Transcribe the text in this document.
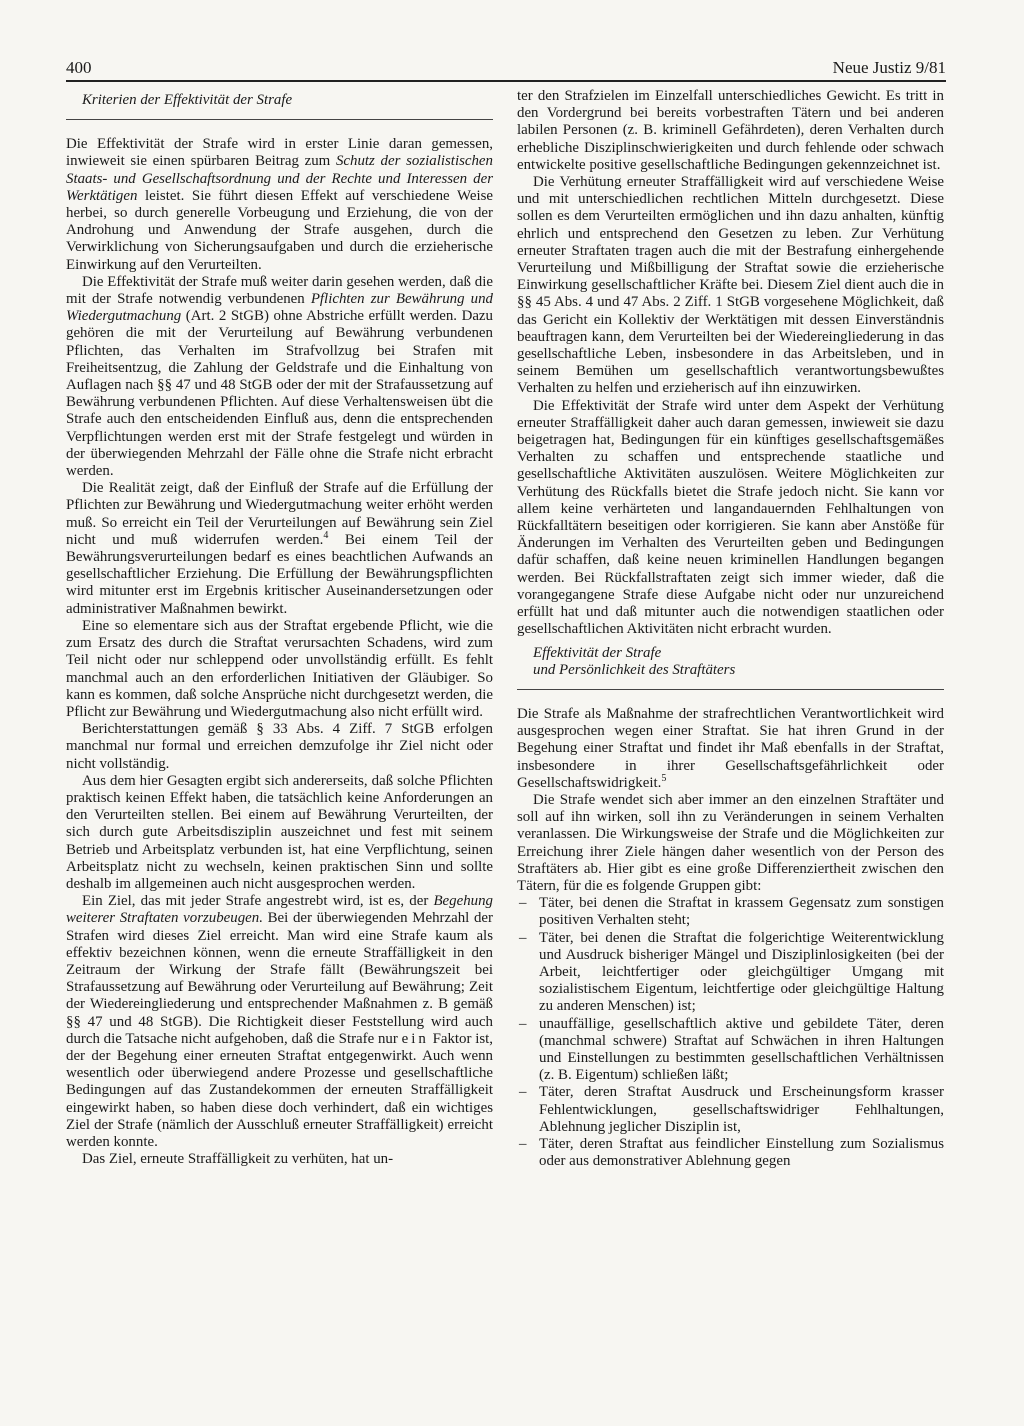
400	Neue Justiz 9/81

Kriterien der Effektivität der Strafe

Die Effektivität der Strafe wird in erster Linie daran gemessen, inwieweit sie einen spürbaren Beitrag zum Schutz der sozialistischen Staats- und Gesellschaftsordnung und der Rechte und Interessen der Werktätigen leistet. Sie führt diesen Effekt auf verschiedene Weise herbei, so durch generelle Vorbeugung und Erziehung, die von der Androhung und Anwendung der Strafe ausgehen, durch die Verwirklichung von Sicherungsaufgaben und durch die erzieherische Einwirkung auf den Verurteilten.

Die Effektivität der Strafe muß weiter darin gesehen werden, daß die mit der Strafe notwendig verbundenen Pflichten zur Bewährung und Wiedergutmachung (Art. 2 StGB) ohne Abstriche erfüllt werden. Dazu gehören die mit der Verurteilung auf Bewährung verbundenen Pflichten, das Verhalten im Strafvollzug bei Strafen mit Freiheitsentzug, die Zahlung der Geldstrafe und die Einhaltung von Auflagen nach §§ 47 und 48 StGB oder der mit der Strafaussetzung auf Bewährung verbundenen Pflichten. Auf diese Verhaltensweisen übt die Strafe auch den entscheidenden Einfluß aus, denn die entsprechenden Verpflichtungen werden erst mit der Strafe festgelegt und würden in der überwiegenden Mehrzahl der Fälle ohne die Strafe nicht erbracht werden.

Die Realität zeigt, daß der Einfluß der Strafe auf die Erfüllung der Pflichten zur Bewährung und Wiedergutmachung weiter erhöht werden muß. So erreicht ein Teil der Verurteilungen auf Bewährung sein Ziel nicht und muß widerrufen werden.$^4$ Bei einem Teil der Bewährungsverurteilungen bedarf es eines beachtlichen Aufwands an gesellschaftlicher Erziehung. Die Erfüllung der Bewährungspflichten wird mitunter erst im Ergebnis kritischer Auseinandersetzungen oder administrativer Maßnahmen bewirkt.

Eine so elementare sich aus der Straftat ergebende Pflicht, wie die zum Ersatz des durch die Straftat verursachten Schadens, wird zum Teil nicht oder nur schleppend oder unvollständig erfüllt. Es fehlt manchmal auch an den erforderlichen Initiativen der Gläubiger. So kann es kommen, daß solche Ansprüche nicht durchgesetzt werden, die Pflicht zur Bewährung und Wiedergutmachung also nicht erfüllt wird.

Berichterstattungen gemäß § 33 Abs. 4 Ziff. 7 StGB erfolgen manchmal nur formal und erreichen demzufolge ihr Ziel nicht oder nicht vollständig.

Aus dem hier Gesagten ergibt sich andererseits, daß solche Pflichten praktisch keinen Effekt haben, die tatsächlich keine Anforderungen an den Verurteilten stellen. Bei einem auf Bewährung Verurteilten, der sich durch gute Arbeitsdisziplin auszeichnet und fest mit seinem Betrieb und Arbeitsplatz verbunden ist, hat eine Verpflichtung, seinen Arbeitsplatz nicht zu wechseln, keinen praktischen Sinn und sollte deshalb im allgemeinen auch nicht ausgesprochen werden.

Ein Ziel, das mit jeder Strafe angestrebt wird, ist es, der Begehung weiterer Straftaten vorzubeugen. Bei der überwiegenden Mehrzahl der Strafen wird dieses Ziel erreicht. Man wird eine Strafe kaum als effektiv bezeichnen können, wenn die erneute Straffälligkeit in den Zeitraum der Wirkung der Strafe fällt (Bewährungszeit bei Strafaussetzung auf Bewährung oder Verurteilung auf Bewährung; Zeit der Wiedereingliederung und entsprechender Maßnahmen z. B gemäß §§ 47 und 48 StGB). Die Richtigkeit dieser Feststellung wird auch durch die Tatsache nicht aufgehoben, daß die Strafe nur ein Faktor ist, der der Begehung einer erneuten Straftat entgegenwirkt. Auch wenn wesentlich oder überwiegend andere Prozesse und gesellschaftliche Bedingungen auf das Zustandekommen der erneuten Straffälligkeit eingewirkt haben, so haben diese doch verhindert, daß ein wichtiges Ziel der Strafe (nämlich der Ausschluß erneuter Straffälligkeit) erreicht werden konnte.

Das Ziel, erneute Straffälligkeit zu verhüten, hat un-

ter den Strafzielen im Einzelfall unterschiedliches Gewicht. Es tritt in den Vordergrund bei bereits vorbestraften Tätern und bei anderen labilen Personen (z. B. kriminell Gefährdeten), deren Verhalten durch erhebliche Disziplinschwierigkeiten und durch fehlende oder schwach entwickelte positive gesellschaftliche Bedingungen gekennzeichnet ist.

Die Verhütung erneuter Straffälligkeit wird auf verschiedene Weise und mit unterschiedlichen rechtlichen Mitteln durchgesetzt. Diese sollen es dem Verurteilten ermöglichen und ihn dazu anhalten, künftig ehrlich und entsprechend den Gesetzen zu leben. Zur Verhütung erneuter Straftaten tragen auch die mit der Bestrafung einhergehende Verurteilung und Mißbilligung der Straftat sowie die erzieherische Einwirkung gesellschaftlicher Kräfte bei. Diesem Ziel dient auch die in §§ 45 Abs. 4 und 47 Abs. 2 Ziff. 1 StGB vorgesehene Möglichkeit, daß das Gericht ein Kollektiv der Werktätigen mit dessen Einverständnis beauftragen kann, dem Verurteilten bei der Wiedereingliederung in das gesellschaftliche Leben, insbesondere in das Arbeitsleben, und in seinem Bemühen um gesellschaftlich verantwortungsbewußtes Verhalten zu helfen und erzieherisch auf ihn einzuwirken.

Die Effektivität der Strafe wird unter dem Aspekt der Verhütung erneuter Straffälligkeit daher auch daran gemessen, inwieweit sie dazu beigetragen hat, Bedingungen für ein künftiges gesellschaftsgemäßes Verhalten zu schaffen und entsprechende staatliche und gesellschaftliche Aktivitäten auszulösen. Weitere Möglichkeiten zur Verhütung des Rückfalls bietet die Strafe jedoch nicht. Sie kann vor allem keine verhärteten und langandauernden Fehlhaltungen von Rückfalltätern beseitigen oder korrigieren. Sie kann aber Anstöße für Änderungen im Verhalten des Verurteilten geben und Bedingungen dafür schaffen, daß keine neuen kriminellen Handlungen begangen werden. Bei Rückfallstraftaten zeigt sich immer wieder, daß die vorangegangene Strafe diese Aufgabe nicht oder nur unzureichend erfüllt hat und daß mitunter auch die notwendigen staatlichen oder gesellschaftlichen Aktivitäten nicht erbracht wurden.

Effektivität der Strafe

und Persönlichkeit des Straftäters

Die Strafe als Maßnahme der strafrechtlichen Verantwortlichkeit wird ausgesprochen wegen einer Straftat. Sie hat ihren Grund in der Begehung einer Straftat und findet ihr Maß ebenfalls in der Straftat, insbesondere in ihrer Gesellschaftsgefährlichkeit oder Gesellschaftswidrigkeit.$^5$

Die Strafe wendet sich aber immer an den einzelnen Straftäter und soll auf ihn wirken, soll ihn zu Veränderungen in seinem Verhalten veranlassen. Die Wirkungsweise der Strafe und die Möglichkeiten zur Erreichung ihrer Ziele hängen daher wesentlich von der Person des Straftäters ab. Hier gibt es eine große Differenziertheit zwischen den Tätern, für die es folgende Gruppen gibt:

– Täter, bei denen die Straftat in krassem Gegensatz zum sonstigen positiven Verhalten steht;
– Täter, bei denen die Straftat die folgerichtige Weiterentwicklung und Ausdruck bisheriger Mängel und Disziplinlosigkeiten (bei der Arbeit, leichtfertiger oder gleichgültiger Umgang mit sozialistischem Eigentum, leichtfertige oder gleichgültige Haltung zu anderen Menschen) ist;
– unauffällige, gesellschaftlich aktive und gebildete Täter, deren (manchmal schwere) Straftat auf Schwächen in ihren Haltungen und Einstellungen zu bestimmten gesellschaftlichen Verhältnissen (z. B. Eigentum) schließen läßt;
– Täter, deren Straftat Ausdruck und Erscheinungsform krasser Fehlentwicklungen, gesellschaftswidriger Fehlhaltungen, Ablehnung jeglicher Disziplin ist,
– Täter, deren Straftat aus feindlicher Einstellung zum Sozialismus oder aus demonstrativer Ablehnung gegen
